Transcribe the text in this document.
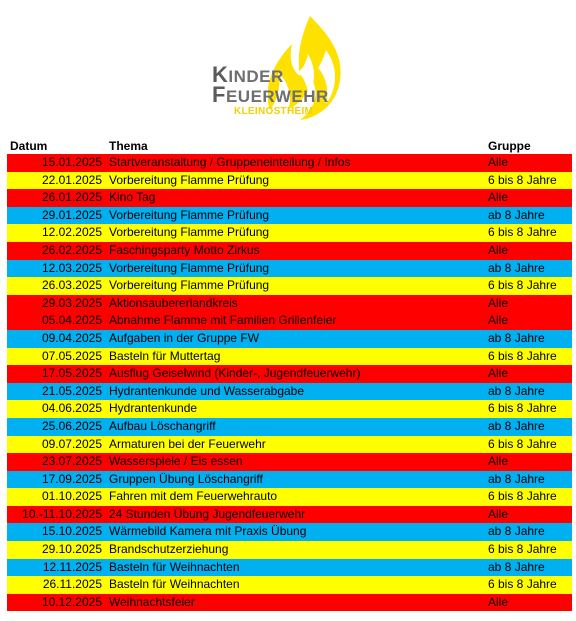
KINDER
FEUERWEHR
KLEINOSTHEIM
Datum	Thema	Gruppe
15.01.2025 Startveranstaltung / Gruppeneinteilung / Infos	Alle
22.01.2025 Vorbereitung Flamme Prüfung	6 bis 8 Jahre
26.01.2025 Kino Tag	Alle
29.01.2025 Vorbereitung Flamme Prüfung	ab 8 Jahre
12.02.2025 Vorbereitung Flamme Prüfung	6 bis 8 Jahre
26.02.2025 Faschingsparty Motto Zirkus	Alle
12.03.2025 Vorbereitung Flamme Prüfung	ab 8 Jahre
26.03.2025 Vorbereitung Flamme Prüfung	6 bis 8 Jahre
29.03.2025 Aktionsaubererlandkreis	Alle
05.04.2025 Abnahme Flamme mit Familien Grillenfeier	Alle
09.04.2025 Aufgaben in der Gruppe FW	ab 8 Jahre
07.05.2025 Basteln für Muttertag	6 bis 8 Jahre
17.05.2025 Ausflug Geiselwind (Kinder-, Jugendfeuerwehr)	Alle
21.05.2025 Hydrantenkunde und Wasserabgabe	ab 8 Jahre
04.06.2025 Hydrantenkunde	6 bis 8 Jahre
25.06.2025 Aufbau Löschangriff	ab 8 Jahre
09.07.2025 Armaturen bei der Feuerwehr	6 bis 8 Jahre
23.07.2025 Wasserspiele / Eis essen	Alle
17.09.2025 Gruppen Übung Löschangriff	ab 8 Jahre
01.10.2025 Fahren mit dem Feuerwehrauto	6 bis 8 Jahre
10.-11.10.2025 24 Stunden Übung Jugendfeuerwehr	Alle
15.10.2025 Wärmebild Kamera mit Praxis Übung	ab 8 Jahre
29.10.2025 Brandschutzerziehung	6 bis 8 Jahre
12.11.2025 Basteln für Weihnachten	ab 8 Jahre
26.11.2025 Basteln für Weihnachten	6 bis 8 Jahre
10.12.2025 Weihnachtsfeier	Alle
